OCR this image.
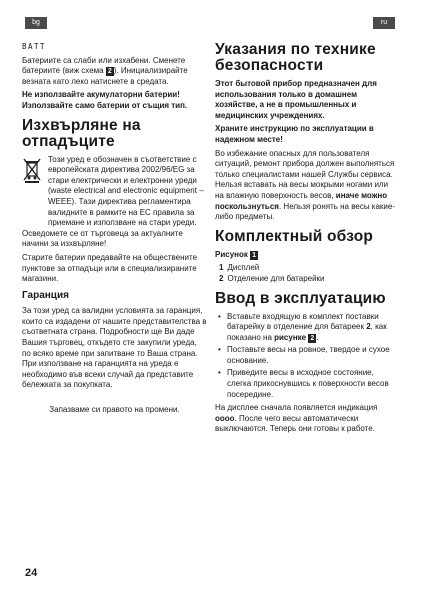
bg	ru

BATT

Батериите са слаби или изхабени. Сменете батериите (виж схема 2 ). Инициализирайте везната като леко натиснете в средата.

Не използвайте акумулаторни батерии! Използвайте само батерии от същия тип.

Изхвърляне на отпадъците

Този уред е обозначен в съответствие с европейската директива 2002/96/EG за стари електрически и електронни уреди (waste electrical and electronic equipment – WEEE). Тази директива регламентира валидните в рамките на ЕС правила за приемане и използване на стари уреди.

Осведомете се от търговеца за актуалните начини за изхвърляне!

Старите батерии предавайте на обществените пунктове за отпадъци или в специализираните магазини.

Гаранция

За този уред са валидни условията за гаранция, които са издадени от нашите представителства в съответната страна. Подробности ще Ви даде Вашия търговец, откъдето сте закупили уреда, по всяко време при запитване то Ваша страна. При използване на гаранцията на уреда е необходимо във всеки случай да представите бележката за покупката.

Запазваме си правото на промени.

Указания по технике безопасности

Этот бытовой прибор предназначен для использования только в домашнем хозяйстве, а не в промышленных и медицинских учреждениях.

Храните инструкцию по эксплуатации в надежном месте!

Во избежание опасных для пользователя ситуаций, ремонт прибора должен выполняться только специалистами нашей Службы сервиса. Нельзя вставать на весы мокрыми ногами или на влажную поверхность весов, иначе можно поскользнуться. Нельзя ронять на весы какие-либо предметы.

Комплектный обзор

Рисунок 1

1 Дисплей
2 Отделение для батарейки
Ввод в эксплуатацию
• Вставьте входящую в комплект поставки батарейку в отделение для батареек 2, как показано на рисунке 2 .
• Поставьте весы на ровное, твердое и сухое основание.
• Приведите весы в исходное состояние, слегка прикоснувшись к поверхности весов посередине.

На дисплее сначала появляется индикация oooo. После чего весы автоматически выключаются. Теперь они готовы к работе.

24
